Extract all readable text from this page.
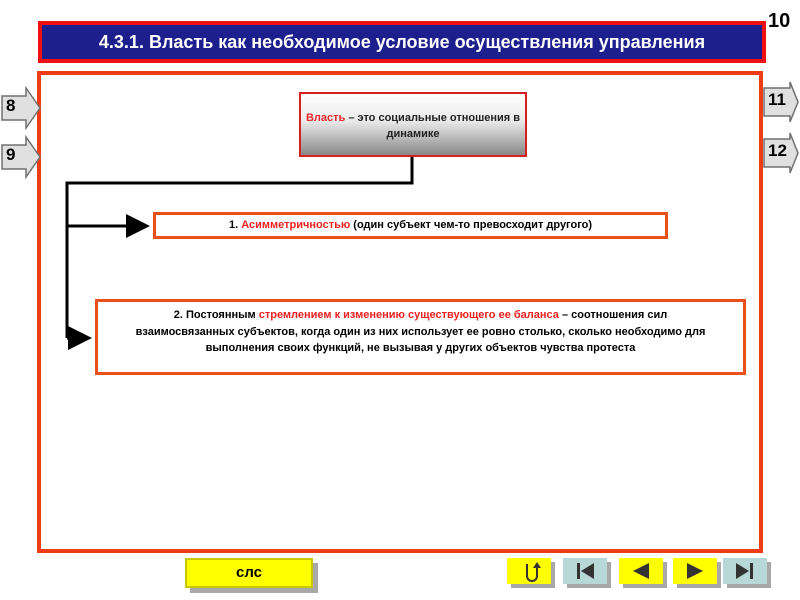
10
4.3.1. Власть как необходимое условие осуществления управления
8
9
11
12
Власть – это социальные отношения в динамике
1. Асимметричностью (один субъект чем-то превосходит другого)
2. Постоянным стремлением к изменению существующего ее баланса – соотношения сил взаимосвязанных субъектов, когда один из них использует ее ровно столько, сколько необходимо для выполнения своих функций, не вызывая у других объектов чувства протеста
слс
